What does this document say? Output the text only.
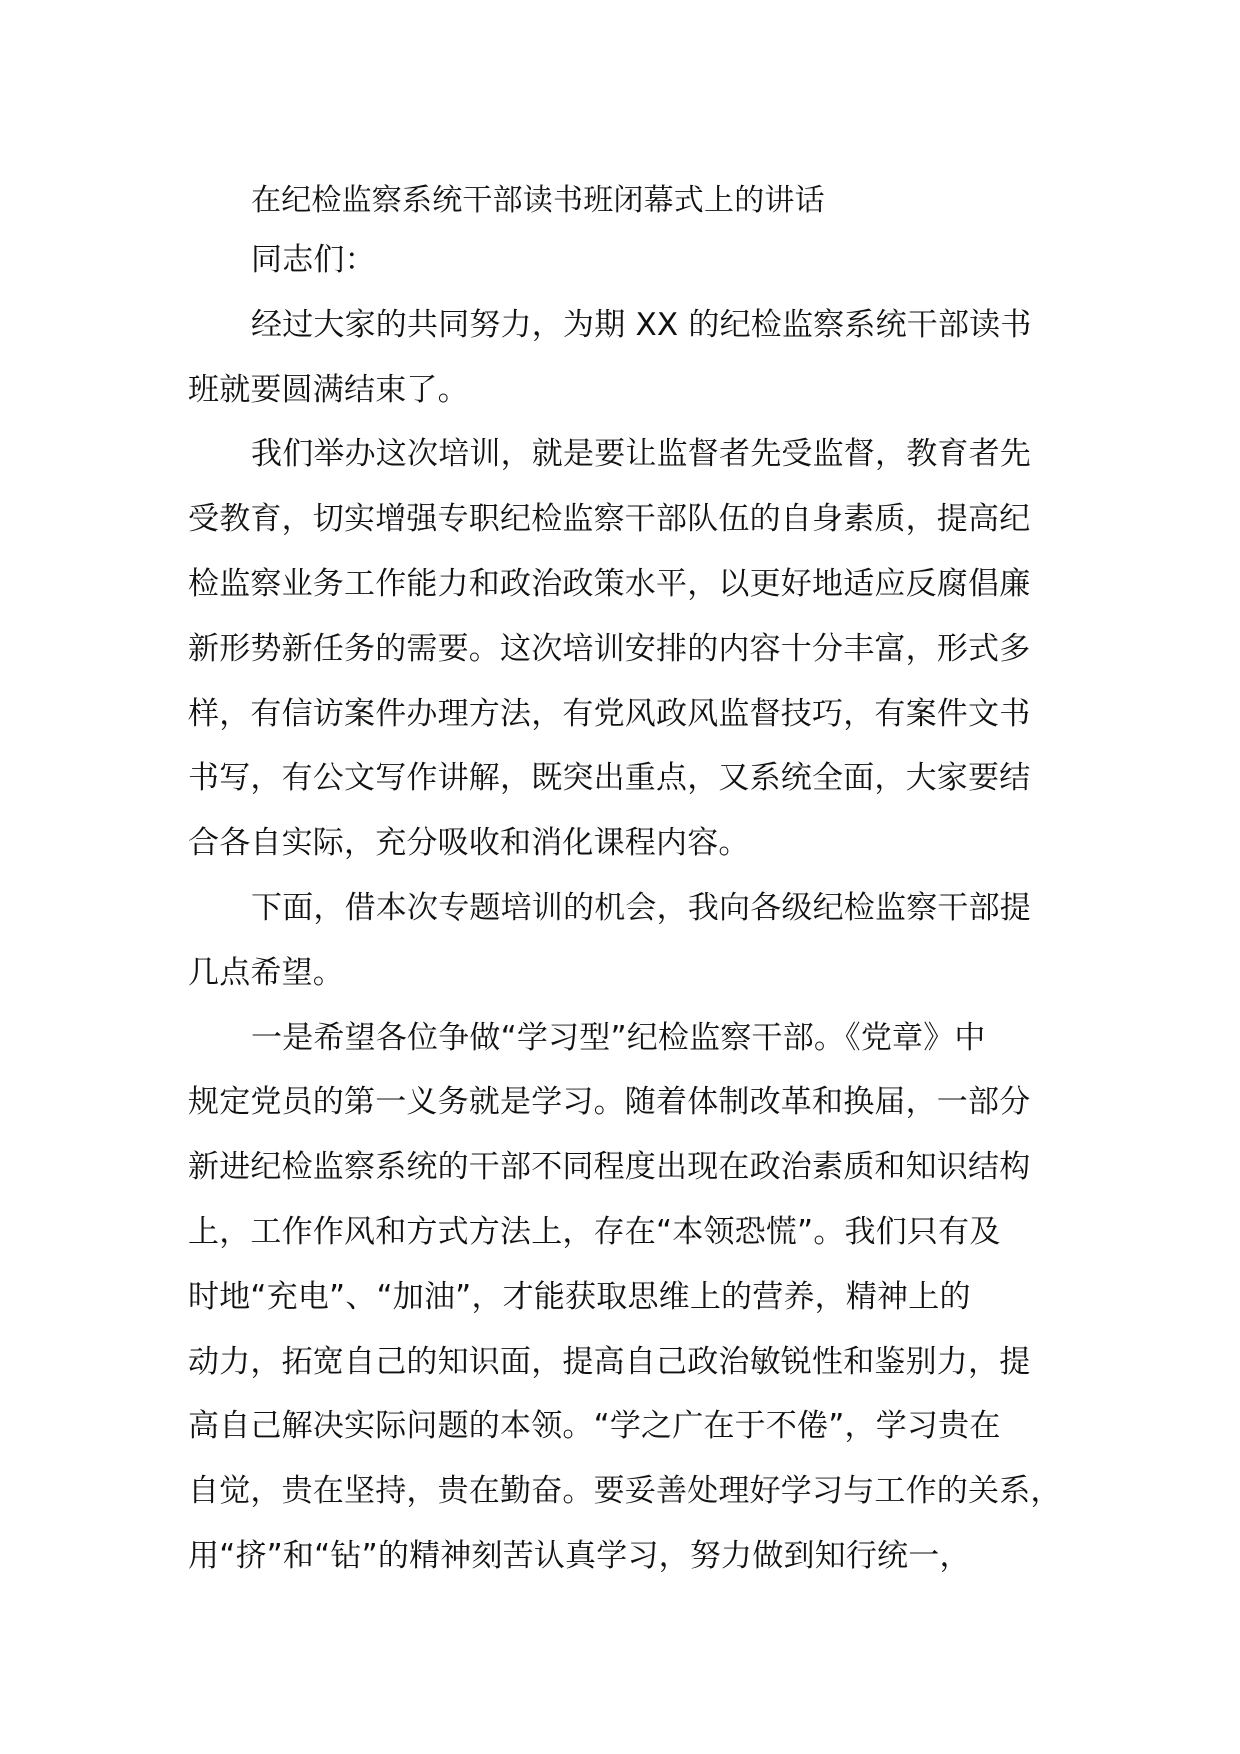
在纪检监察系统干部读书班闭幕式上的讲话
同志们：
经过大家的共同努力，为期 XX 的纪检监察系统干部读书
班就要圆满结束了。
我们举办这次培训，就是要让监督者先受监督，教育者先
受教育，切实增强专职纪检监察干部队伍的自身素质，提高纪
检监察业务工作能力和政治政策水平，以更好地适应反腐倡廉
新形势新任务的需要。这次培训安排的内容十分丰富，形式多
样，有信访案件办理方法，有党风政风监督技巧，有案件文书
书写，有公文写作讲解，既突出重点，又系统全面，大家要结
合各自实际，充分吸收和消化课程内容。
下面，借本次专题培训的机会，我向各级纪检监察干部提
几点希望。
一是希望各位争做“学习型”纪检监察干部。《党章》中
规定党员的第一义务就是学习。随着体制改革和换届，一部分
新进纪检监察系统的干部不同程度出现在政治素质和知识结构
上，工作作风和方式方法上，存在“本领恐慌”。我们只有及
时地“充电”、“加油”，才能获取思维上的营养，精神上的
动力，拓宽自己的知识面，提高自己政治敏锐性和鉴别力，提
高自己解决实际问题的本领。“学之广在于不倦”，学习贵在
自觉，贵在坚持，贵在勤奋。要妥善处理好学习与工作的关系，
用“挤”和“钻”的精神刻苦认真学习，努力做到知行统一，
